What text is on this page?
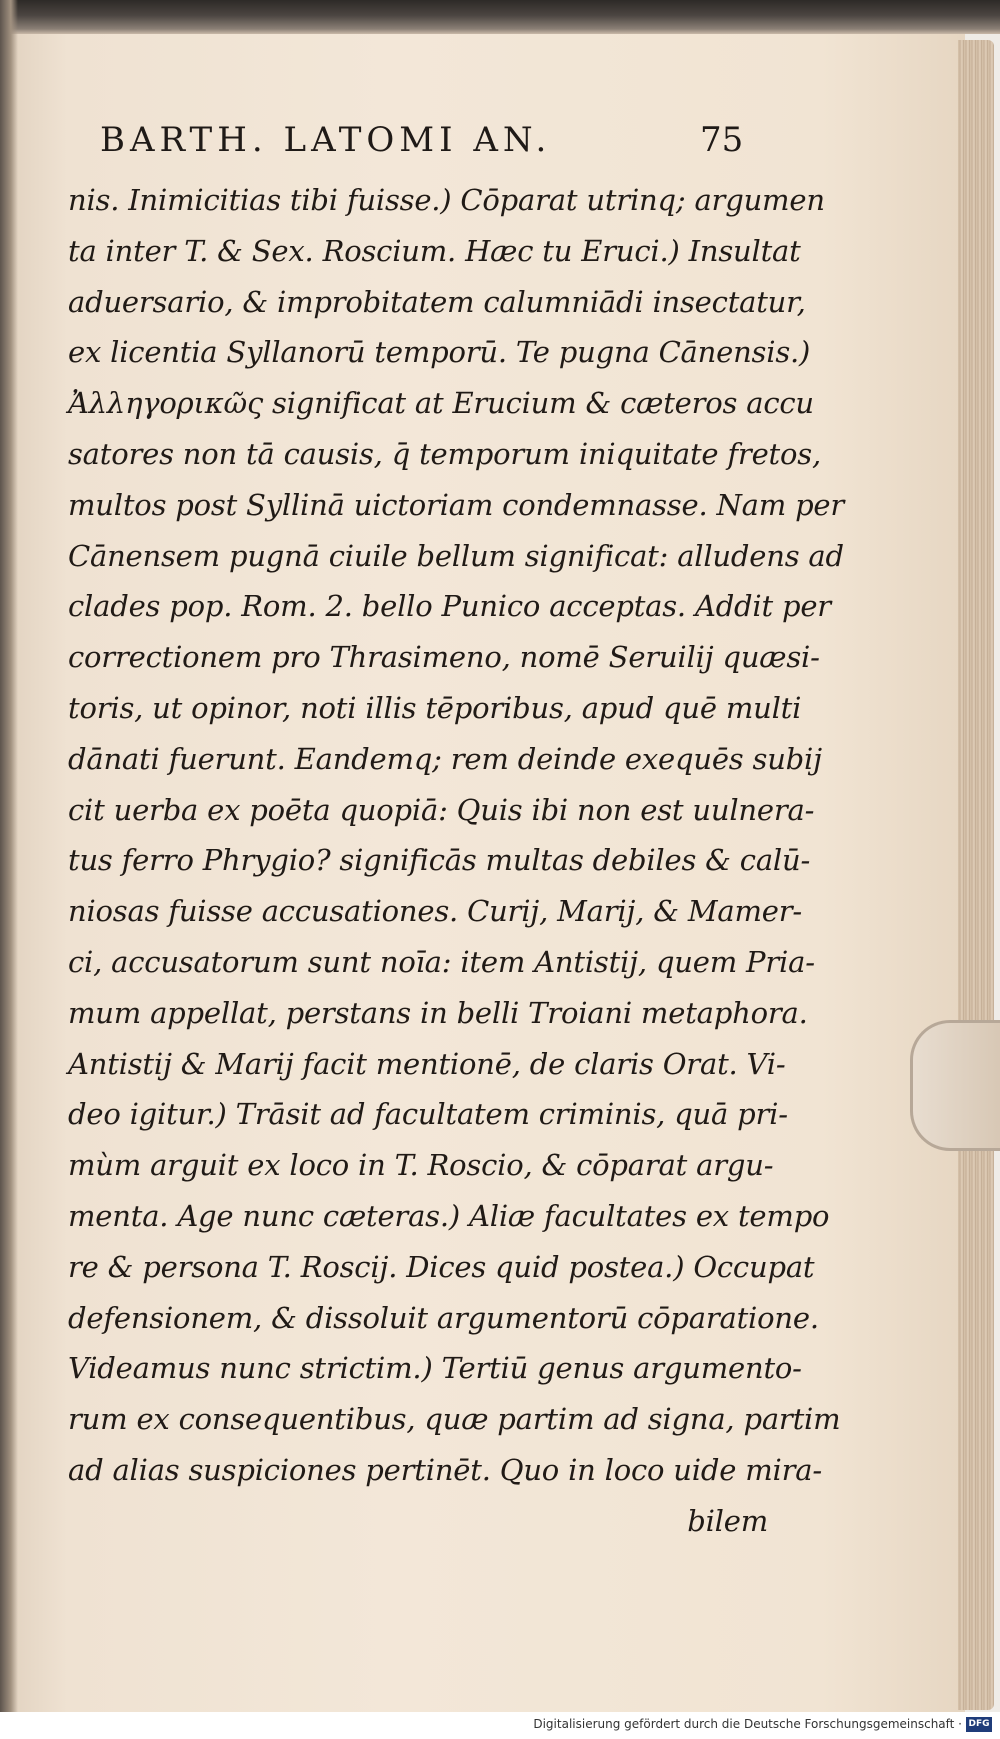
BARTH. LATOMI AN.	75
nis. Inimicitias tibi fuisse.) Cōparat utrinq; argumen
ta inter T. & Sex. Roscium. Hæc tu Eruci.) Insultat
aduersario, & improbitatem calumniādi insectatur,
ex licentia Syllanorū temporū. Te pugna Cānensis.)
Ἀλληγορικῶς significat at Erucium & cæteros accu
satores non tā causis, q̄ temporum iniquitate fretos,
multos post Syllinā uictoriam condemnasse. Nam per
Cānensem pugnā ciuile bellum significat: alludens ad
clades pop. Rom. 2. bello Punico acceptas. Addit per
correctionem pro Thrasimeno, nomē Seruilij quæsi-
toris, ut opinor, noti illis tēporibus, apud quē multi
dānati fuerunt. Eandemq; rem deinde exequēs subij
cit uerba ex poēta quopiā: Quis ibi non est uulnera-
tus ferro Phrygio? significās multas debiles & calū-
niosas fuisse accusationes. Curij, Marij, & Mamer-
ci, accusatorum sunt noīa: item Antistij, quem Pria-
mum appellat, perstans in belli Troiani metaphora.
Antistij & Marij facit mentionē, de claris Orat. Vi-
deo igitur.) Trāsit ad facultatem criminis, quā pri-
mùm arguit ex loco in T. Roscio, & cōparat argu-
menta. Age nunc cæteras.) Aliæ facultates ex tempo
re & persona T. Roscij. Dices quid postea.) Occupat
defensionem, & dissoluit argumentorū cōparatione.
Videamus nunc strictim.) Tertiū genus argumento-
rum ex consequentibus, quæ partim ad signa, partim
ad alias suspiciones pertinēt. Quo in loco uide mira-
bilem
Digitalisierung gefördert durch die Deutsche Forschungsgemeinschaft · DFG
